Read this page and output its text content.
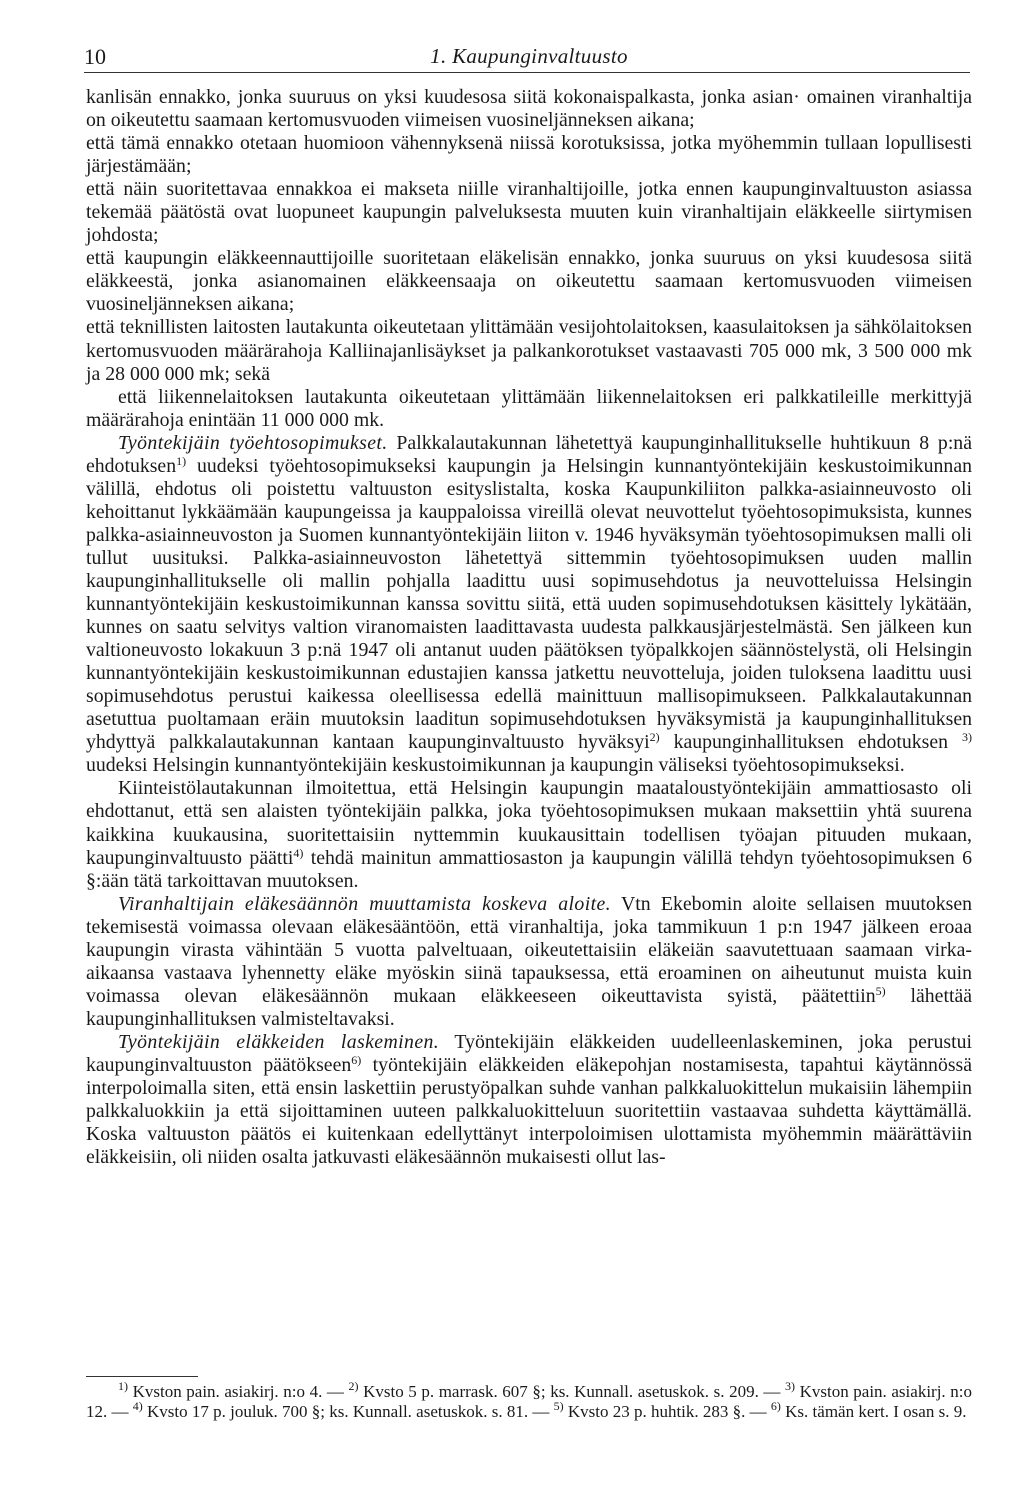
10	1. Kaupunginvaltuusto

kanlisän ennakko, jonka suuruus on yksi kuudesosa siitä kokonaispalkasta, jonka asian· omainen viranhaltija on oikeutettu saamaan kertomusvuoden viimeisen vuosineljänneksen aikana;

että tämä ennakko otetaan huomioon vähennyksenä niissä korotuksissa, jotka myöhemmin tullaan lopullisesti järjestämään;

että näin suoritettavaa ennakkoa ei makseta niille viranhaltijoille, jotka ennen kaupunginvaltuuston asiassa tekemää päätöstä ovat luopuneet kaupungin palveluksesta muuten kuin viranhaltijain eläkkeelle siirtymisen johdosta;

että kaupungin eläkkeennauttijoille suoritetaan eläkelisän ennakko, jonka suuruus on yksi kuudesosa siitä eläkkeestä, jonka asianomainen eläkkeensaaja on oikeutettu saamaan kertomusvuoden viimeisen vuosineljänneksen aikana;

että teknillisten laitosten lautakunta oikeutetaan ylittämään vesijohtolaitoksen, kaasulaitoksen ja sähkölaitoksen kertomusvuoden määrärahoja Kalliinajanlisäykset ja palkankorotukset vastaavasti 705 000 mk, 3 500 000 mk ja 28 000 000 mk; sekä

että liikennelaitoksen lautakunta oikeutetaan ylittämään liikennelaitoksen eri palkkatileille merkittyjä määrärahoja enintään 11 000 000 mk.

Työntekijäin työehtosopimukset. Palkkalautakunnan lähetettyä kaupunginhallitukselle huhtikuun 8 p:nä ehdotuksen$^{1)}$ uudeksi työehtosopimukseksi kaupungin ja Helsingin kunnantyöntekijäin keskustoimikunnan välillä, ehdotus oli poistettu valtuuston esityslistalta, koska Kaupunkiliiton palkka-asiainneuvosto oli kehoittanut lykkäämään kaupungeissa ja kauppaloissa vireillä olevat neuvottelut työehtosopimuksista, kunnes palkka-asiainneuvoston ja Suomen kunnantyöntekijäin liiton v. 1946 hyväksymän työehtosopimuksen malli oli tullut uusituksi. Palkka-asiainneuvoston lähetettyä sittemmin työehtosopimuksen uuden mallin kaupunginhallitukselle oli mallin pohjalla laadittu uusi sopimusehdotus ja neuvotteluissa Helsingin kunnantyöntekijäin keskustoimikunnan kanssa sovittu siitä, että uuden sopimusehdotuksen käsittely lykätään, kunnes on saatu selvitys valtion viranomaisten laadittavasta uudesta palkkausjärjestelmästä. Sen jälkeen kun valtioneuvosto lokakuun 3 p:nä 1947 oli antanut uuden päätöksen työpalkkojen säännöstelystä, oli Helsingin kunnantyöntekijäin keskustoimikunnan edustajien kanssa jatkettu neuvotteluja, joiden tuloksena laadittu uusi sopimusehdotus perustui kaikessa oleellisessa edellä mainittuun mallisopimukseen. Palkkalautakunnan asetuttua puoltamaan eräin muutoksin laaditun sopimusehdotuksen hyväksymistä ja kaupunginhallituksen yhdyttyä palkkalautakunnan kantaan kaupunginvaltuusto hyväksyi$^{2)}$ kaupunginhallituksen ehdotuksen $^{3)}$ uudeksi Helsingin kunnantyöntekijäin keskustoimikunnan ja kaupungin väliseksi työehtosopimukseksi.

Kiinteistölautakunnan ilmoitettua, että Helsingin kaupungin maataloustyöntekijäin ammattiosasto oli ehdottanut, että sen alaisten työntekijäin palkka, joka työehtosopimuksen mukaan maksettiin yhtä suurena kaikkina kuukausina, suoritettaisiin nyttemmin kuukausittain todellisen työajan pituuden mukaan, kaupunginvaltuusto päätti$^{4)}$ tehdä mainitun ammattiosaston ja kaupungin välillä tehdyn työehtosopimuksen 6 §:ään tätä tarkoittavan muutoksen.

Viranhaltijain eläkesäännön muuttamista koskeva aloite. Vtn Ekebomin aloite sellaisen muutoksen tekemisestä voimassa olevaan eläkesääntöön, että viranhaltija, joka tammikuun 1 p:n 1947 jälkeen eroaa kaupungin virasta vähintään 5 vuotta palveltuaan, oikeutettaisiin eläkeiän saavutettuaan saamaan virka-aikaansa vastaava lyhennetty eläke myöskin siinä tapauksessa, että eroaminen on aiheutunut muista kuin voimassa olevan eläkesäännön mukaan eläkkeeseen oikeuttavista syistä, päätettiin$^{5)}$ lähettää kaupunginhallituksen valmisteltavaksi.

Työntekijäin eläkkeiden laskeminen. Työntekijäin eläkkeiden uudelleenlaskeminen, joka perustui kaupunginvaltuuston päätökseen$^{6)}$ työntekijäin eläkkeiden eläkepohjan nostamisesta, tapahtui käytännössä interpoloimalla siten, että ensin laskettiin perustyöpalkan suhde vanhan palkkaluokittelun mukaisiin lähempiin palkkaluokkiin ja että sijoittaminen uuteen palkkaluokitteluun suoritettiin vastaavaa suhdetta käyttämällä. Koska valtuuston päätös ei kuitenkaan edellyttänyt interpoloimisen ulottamista myöhemmin määrättäviin eläkkeisiin, oli niiden osalta jatkuvasti eläkesäännön mukaisesti ollut las-

$^{1)}$ Kvston pain. asiakirj. n:o 4. — $^{2)}$ Kvsto 5 p. marrask. 607 §; ks. Kunnall. asetuskok. s. 209. — $^{3)}$ Kvston pain. asiakirj. n:o 12. — $^{4)}$ Kvsto 17 p. jouluk. 700 §; ks. Kunnall. asetuskok. s. 81. — $^{5)}$ Kvsto 23 p. huhtik. 283 §. — $^{6)}$ Ks. tämän kert. I osan s. 9.
